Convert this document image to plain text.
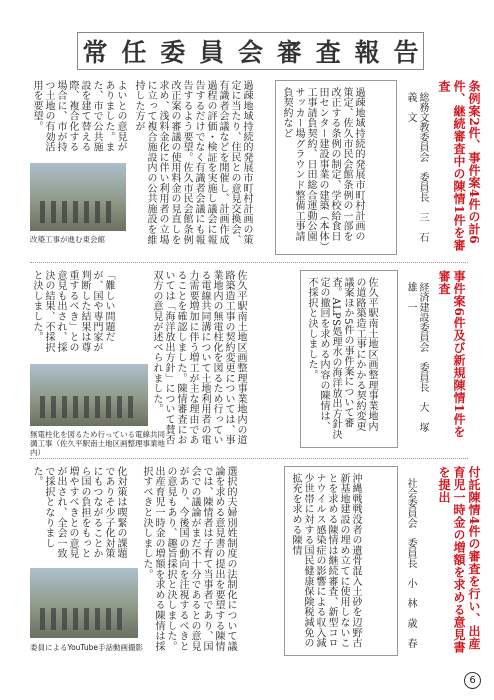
常 任 委 員 会 審 査 報 告
条例案2件、事件案4件の計6件、継続審査中の陳情1件を審査
総務文教委員会　委員長　三　石　義　文
過疎地域持続的発展市町村計画の策定、佐久市民会館条例の一部を改正する条例の制定、学校給食日田センター建設事業の建築（本体）工事請負契約、日田総合運動公園サッカー場グラウンド整備工事請負契約など
過疎地域持続的発展市町村計画の策定に当たり、住民との意見交換会、有識者会議などを開催し、計画作成過程の評価・検証を実施し議会に報告するだけでなく有識者会議にも報告するよう要望。佐久市民会館条例改正案の審議の使用料金の見直しを求め、浅料金化に伴い利用者の立場に立って複合施設内の公共施設を維持した方が
よいとの意見がありました。また、市で公共施設を建て替える際、複合化する場合に、市が持つ土地の有効活用を要望。
改築工事が進む東会館
事件案6件及び新規陳情1件を審査
経済建設委員会　委員長　大　塚　雄　一
佐久平駅南土地区画整理事業地内の道路築造工事にかかる契約変更議案ほか5件の事件案について審査。ALPS処理水の海洋放出方針決定の撤回を求める内容の陳情は、不採択と決しました。
佐久平駅南土地区画整理事業地内の道路築造工事の契約変更については、事業地内の無電柱化を図るため行っている電線共同溝について土地利用者の電力需要増加に伴う増工が主な理由であることを確認しました。陳情審査においては「海洋放出方針」について賛否双方の意見が述べられました。
「難しい問題だが、国や専門家が判断した結果は尊重するべき」との意見も出され、採決の結果、不採択と決しました。
無電柱化を図るため行っている電線共同溝工事（佐久平駅南土地区画整理事業地内）
付託陳情4件の審査を行い、出産育児一時金の増額を求める意見書を提出
社会委員会　委員長　小　林　歳　春
沖縄戦戦没者の遺骨混入土砂を辺野古新基地建設の埋め立てに使用しないことを求める陳情は継続審査、新型コロナウイルス感染症の影響による収入減少世帯に対する国民健康保険税減免の拡充を求める陳情
選択的夫婦別姓制度の法制化について議論を求める意見書の提出を要望する陳情では、陳情者は子育て当事者であり、国会での議論がまだ不十分であるとの意見があり、今後国の動向を注視するべきとの意見もあり、趣旨採択と決しました。出産育児一時金の増額を求める陳情は採択すべきと決しました。
化対策は喫緊の課題でありそ少子化対策にもつながることから国の負担をもっと増やすべきとの意見が出され、全会一致で採択となりました。
委員によるYouTube手話動画撮影
6
